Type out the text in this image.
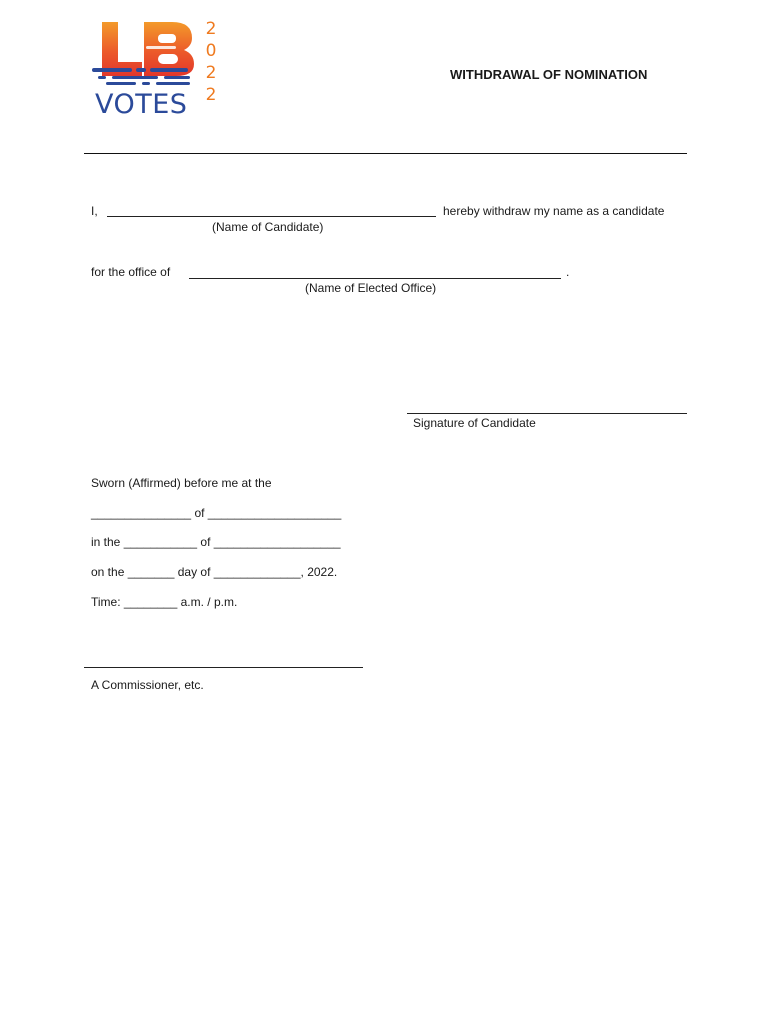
VOTES
2
0
2
2
WITHDRAWAL OF NOMINATION
I,	hereby withdraw my name as a candidate
(Name of Candidate)
for the office of	.
(Name of Elected Office)
Signature of Candidate
Sworn (Affirmed) before me at the
_______________ of ____________________
in the ___________ of ___________________
on the _______ day of _____________, 2022.
Time: ________ a.m. / p.m.
A Commissioner, etc.
